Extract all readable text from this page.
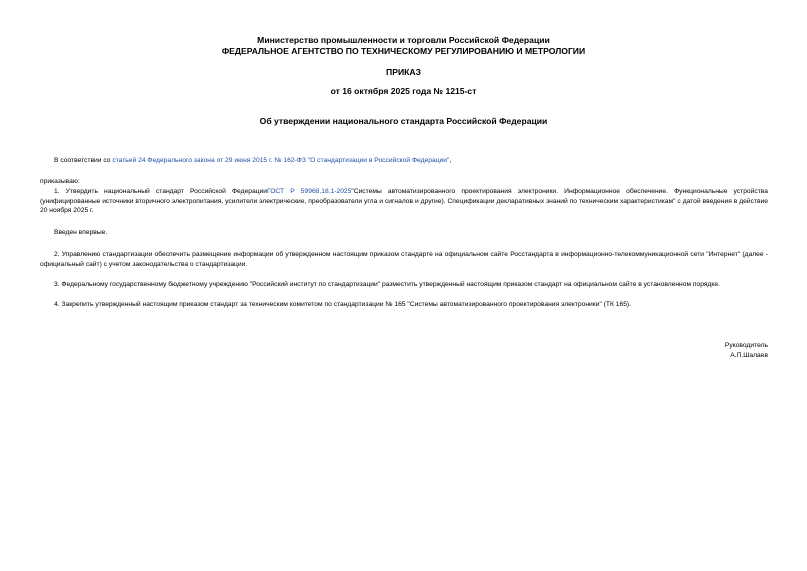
Министерство промышленности и торговли Российской Федерации
ФЕДЕРАЛЬНОЕ АГЕНТСТВО ПО ТЕХНИЧЕСКОМУ РЕГУЛИРОВАНИЮ И МЕТРОЛОГИИ
ПРИКАЗ
от 16 октября 2025 года № 1215-ст
Об утверждении национального стандарта Российской Федерации
В соответствии со статьей 24 Федерального закона от 29 июня 2015 г. № 162-ФЗ "О стандартизации в Российской Федерации",
приказываю:
1. Утвердить национальный стандарт Российской ФедерацииГОСТ Р 59968.18.1-2025"Системы автоматизированного проектирования электроники. Информационное обеспечение. Функциональные устройства (унифицированные источники вторичного электропитания, усилители электрические, преобразователи угла и сигналов и другие). Спецификации декларативных знаний по техническим характеристикам" с датой введения в действие 20 ноября 2025 г.
Введен впервые.
2. Управлению стандартизации обеспечить размещение информации об утвержденном настоящим приказом стандарте на официальном сайте Росстандарта в информационно-телекоммуникационной сети "Интернет" (далее - официальный сайт) с учетом законодательства о стандартизации.
3. Федеральному государственному бюджетному учреждению "Российский институт по стандартизации" разместить утвержденный настоящим приказом стандарт на официальном сайте в установленном порядке.
4. Закрепить утвержденный настоящим приказом стандарт за техническим комитетом по стандартизации № 165 "Системы автоматизированного проектирования электроники" (ТК 165).
Руководитель
А.П.Шалаев
